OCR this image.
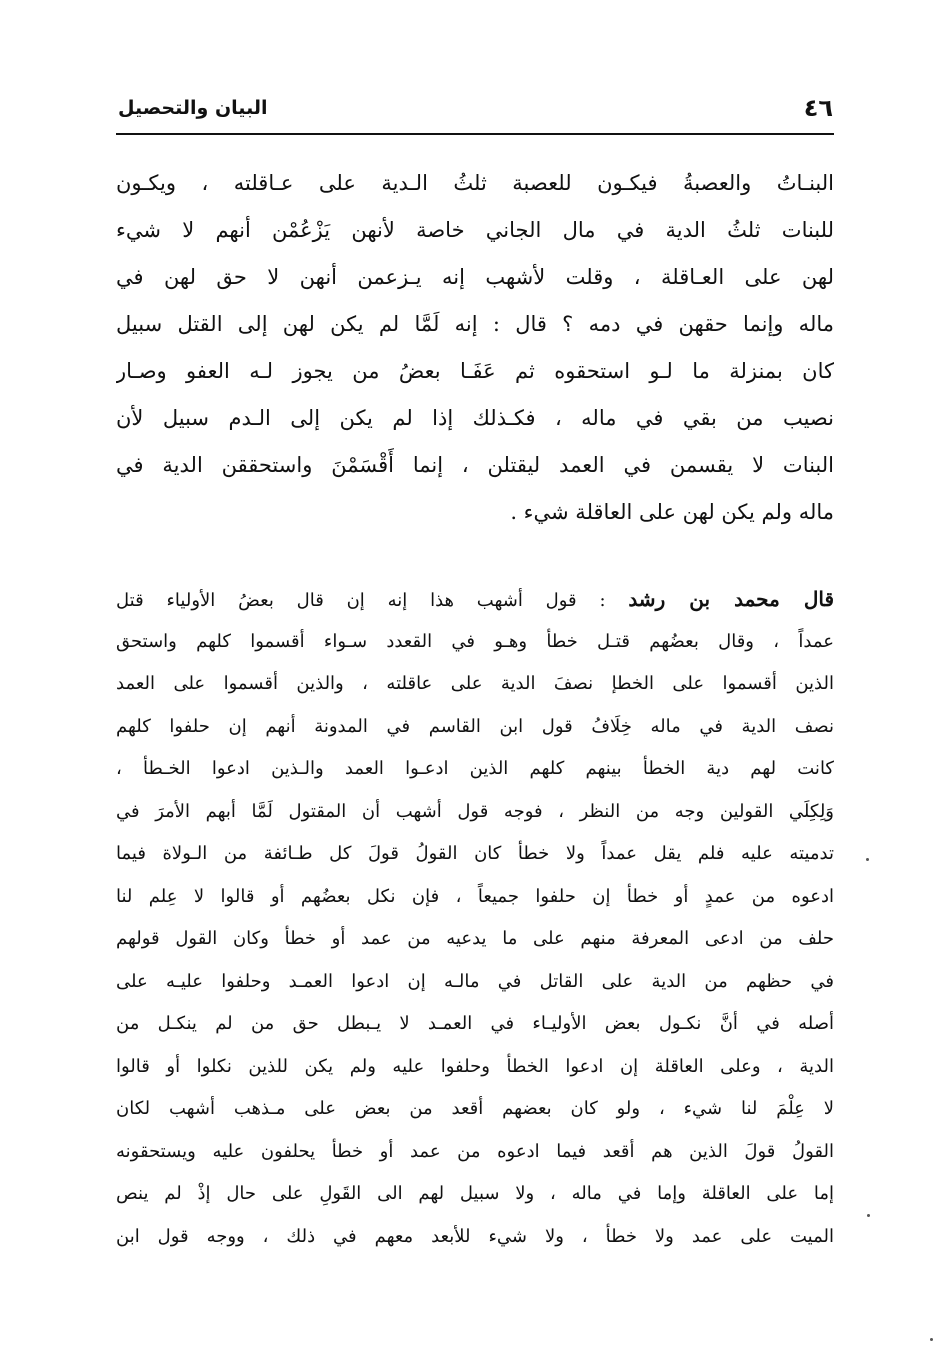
٤٦
البيان والتحصيل
البنـاتُ والعصبةُ فيكـون للعصبة ثلثُ الـدية على عـاقلته ، ويكـون
للبنات ثلثُ الدية في مال الجاني خاصة لأنهن يَزْعُمْن أنهم لا شيء
لهن على العـاقلة ، وقلت لأشهب إنه يـزعمن أنهن لا حق لهن في
ماله وإنما حقهن في دمه ؟ قال : إنه لَمَّا لم يكن لهن إلى القتل سبيل
كان بمنزلة ما لـو استحقوه ثم عَفَـا بعضُ من يجوز لـه العفو وصـار
نصيب من بقي في ماله ، فكـذلك إذا لم يكن إلى الـدم سبيل لأن
البنات لا يقسمن في العمد ليقتلن ، إنما أَقْسَمْنَ واستحققن الدية في
ماله ولم يكن لهن على العاقلة شيء .
قال محمد بن رشد : قول أشهب هذا إنه إن قال بعضُ الأولياء قتل
عمداً ، وقال بعضُهم قتـل خطأ وهـو في القعدد سـواء أقسموا كلهم واستحق
الذين أقسموا على الخطإ نصفَ الدية على عاقلته ، والذين أقسموا على العمد
نصف الدية في ماله خِلَافُ قول ابن القاسم في المدونة أنهم إن حلفوا كلهم
كانت لهم دية الخطأ بينهم كلهم الذين ادعـوا العمد والـذين ادعوا الخـطأ ،
وَلِكِلَي القولين وجه من النظر ، فوجه قول أشهب أن المقتول لَمَّا أبهم الأمرَ في
تدميته عليه فلم يقل عمداً ولا خطأ كان القولُ قولَ كل طـائفة من الـولاة فيما
ادعوه من عمدٍ أو خطأ إن حلفوا جميعاً ، فإن نكل بعضُهم أو قالوا لا عِلم لنا
حلف من ادعى المعرفة منهم على ما يدعيه من عمد أو خطأ وكان القول قولهم
في حظهم من الدية على القاتل في مالـه إن ادعوا العمـد وحلفوا عليـه على
أصله في أنَّ نكـول بعض الأوليـاء في العمـد لا يـبطل حق من لم ينكـل من
الدية ، وعلى العاقلة إن ادعوا الخطأ وحلفوا عليه ولم يكن للذين نكلوا أو قالوا
لا عِلْمَ لنا شيء ، ولو كان بعضهم أقعد من بعض على مـذهب أشهب لكان
القولُ قولَ الذين هم أقعد فيما ادعوه من عمد أو خطأ يحلفون عليه ويستحقونه
إما على العاقلة وإما في ماله ، ولا سبيل لهم الى القَولِ على حال إذْ لم ينص
الميت على عمد ولا خطأ ، ولا شيء للأبعد معهم في ذلك ، ووجه قول ابن
